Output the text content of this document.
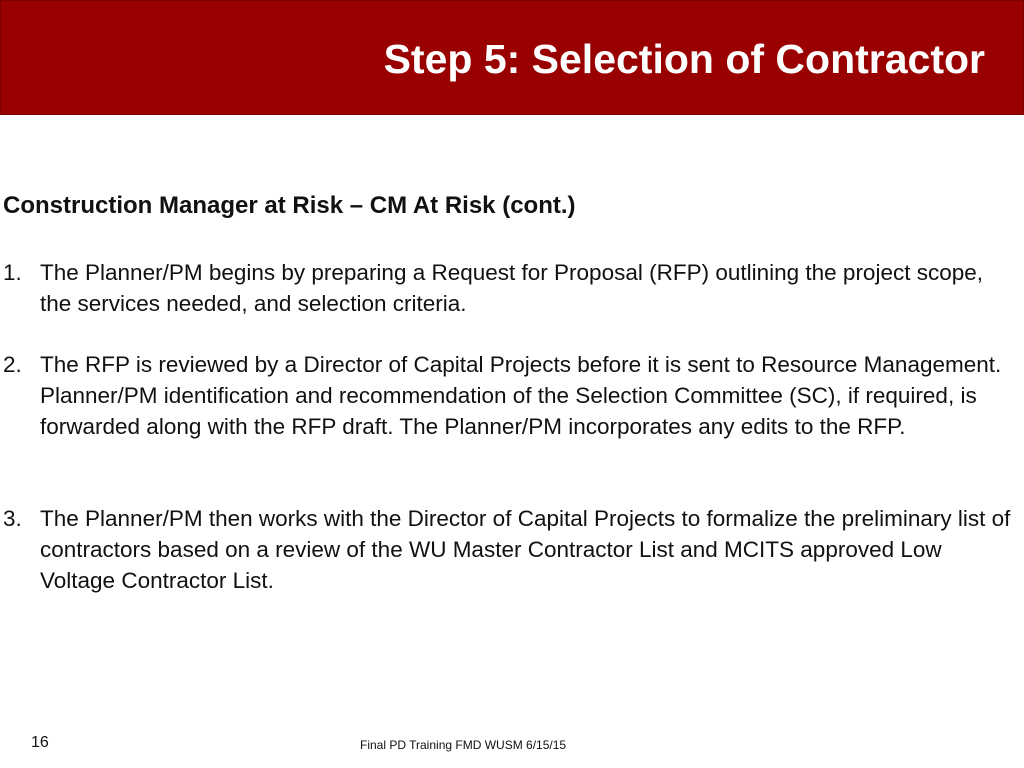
Step 5: Selection of Contractor
Construction Manager at Risk – CM At Risk (cont.)
1. The Planner/PM begins by preparing a Request for Proposal (RFP) outlining the project scope, the services needed, and selection criteria.
2. The RFP is reviewed by a Director of Capital Projects before it is sent to Resource Management. Planner/PM identification and recommendation of the Selection Committee (SC), if required, is forwarded along with the RFP draft. The Planner/PM incorporates any edits to the RFP.
3. The Planner/PM then works with the Director of Capital Projects to formalize the preliminary list of contractors based on a review of the WU Master Contractor List and MCITS approved Low Voltage Contractor List.
16	Final PD Training FMD WUSM 6/15/15
